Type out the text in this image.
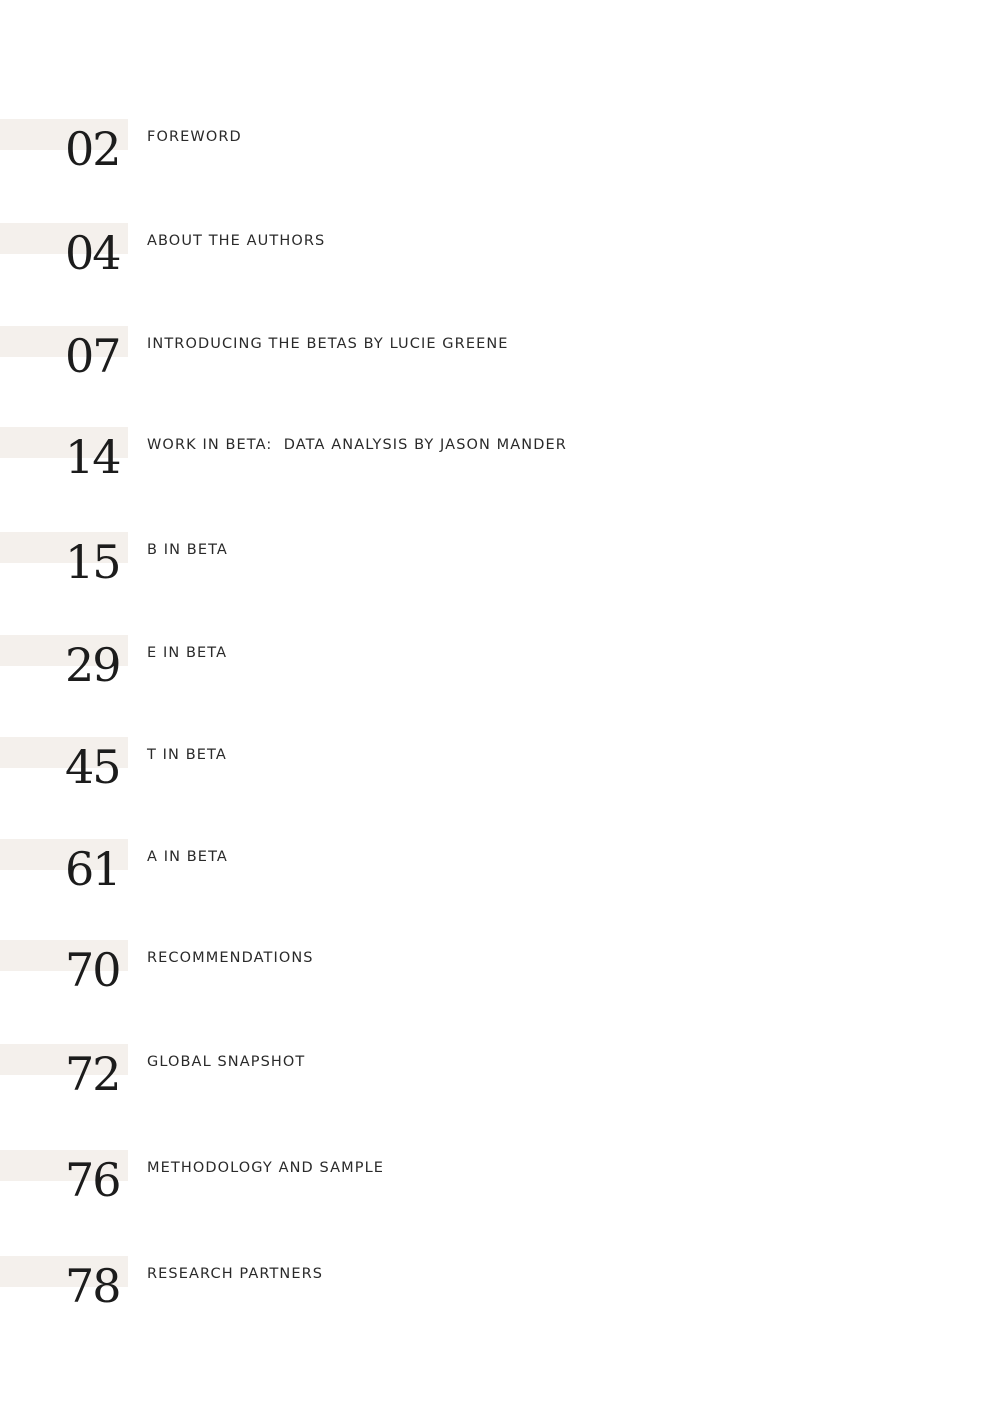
02 FOREWORD
04 ABOUT THE AUTHORS
07 INTRODUCING THE BETAS BY LUCIE GREENE
14 WORK IN BETA:  DATA ANALYSIS BY JASON MANDER
15 B IN BETA
29 E IN BETA
45 T IN BETA
61 A IN BETA
70 RECOMMENDATIONS
72 GLOBAL SNAPSHOT
76 METHODOLOGY AND SAMPLE
78 RESEARCH PARTNERS
